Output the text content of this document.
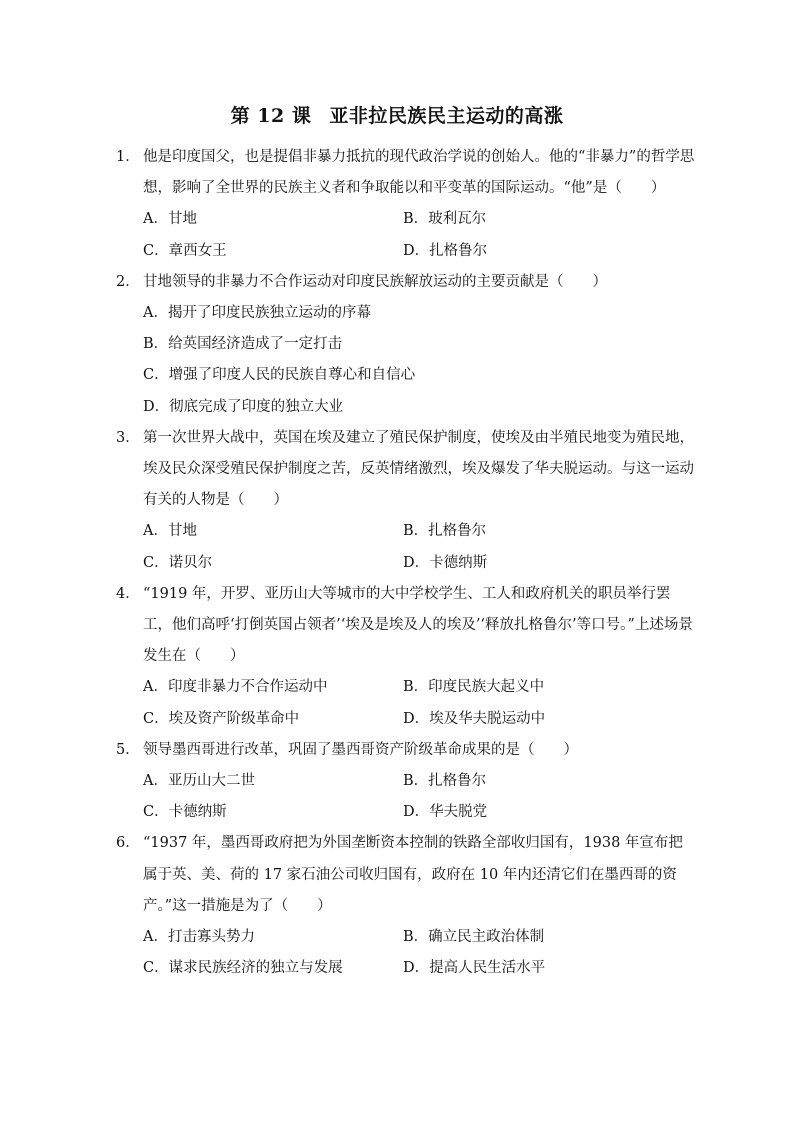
第 12 课 亚非拉民族民主运动的高涨
1． 他是印度国父，也是提倡非暴力抵抗的现代政治学说的创始人。他的“非暴力”的哲学思想，影响了全世界的民族主义者和争取能以和平变革的国际运动。“他”是（　　）
A．甘地	B．玻利瓦尔
C．章西女王	D．扎格鲁尔
2． 甘地领导的非暴力不合作运动对印度民族解放运动的主要贡献是（　　）
A．揭开了印度民族独立运动的序幕
B．给英国经济造成了一定打击
C．增强了印度人民的民族自尊心和自信心
D．彻底完成了印度的独立大业
3． 第一次世界大战中，英国在埃及建立了殖民保护制度，使埃及由半殖民地变为殖民地，埃及民众深受殖民保护制度之苦，反英情绪激烈，埃及爆发了华夫脱运动。与这一运动有关的人物是（　　）
A．甘地	B．扎格鲁尔
C．诺贝尔	D．卡德纳斯
4． “1919 年，开罗、亚历山大等城市的大中学校学生、工人和政府机关的职员举行罢工，他们高呼‘打倒英国占领者’‘埃及是埃及人的埃及’‘释放扎格鲁尔’等口号。”上述场景发生在（　　）
A．印度非暴力不合作运动中	B．印度民族大起义中
C．埃及资产阶级革命中	D．埃及华夫脱运动中
5． 领导墨西哥进行改革，巩固了墨西哥资产阶级革命成果的是（　　）
A．亚历山大二世	B．扎格鲁尔
C．卡德纳斯	D．华夫脱党
6． “1937 年，墨西哥政府把为外国垄断资本控制的铁路全部收归国有，1938 年宣布把属于英、美、荷的 17 家石油公司收归国有，政府在 10 年内还清它们在墨西哥的资产。”这一措施是为了（　　）
A．打击寡头势力	B．确立民主政治体制
C．谋求民族经济的独立与发展	D．提高人民生活水平
